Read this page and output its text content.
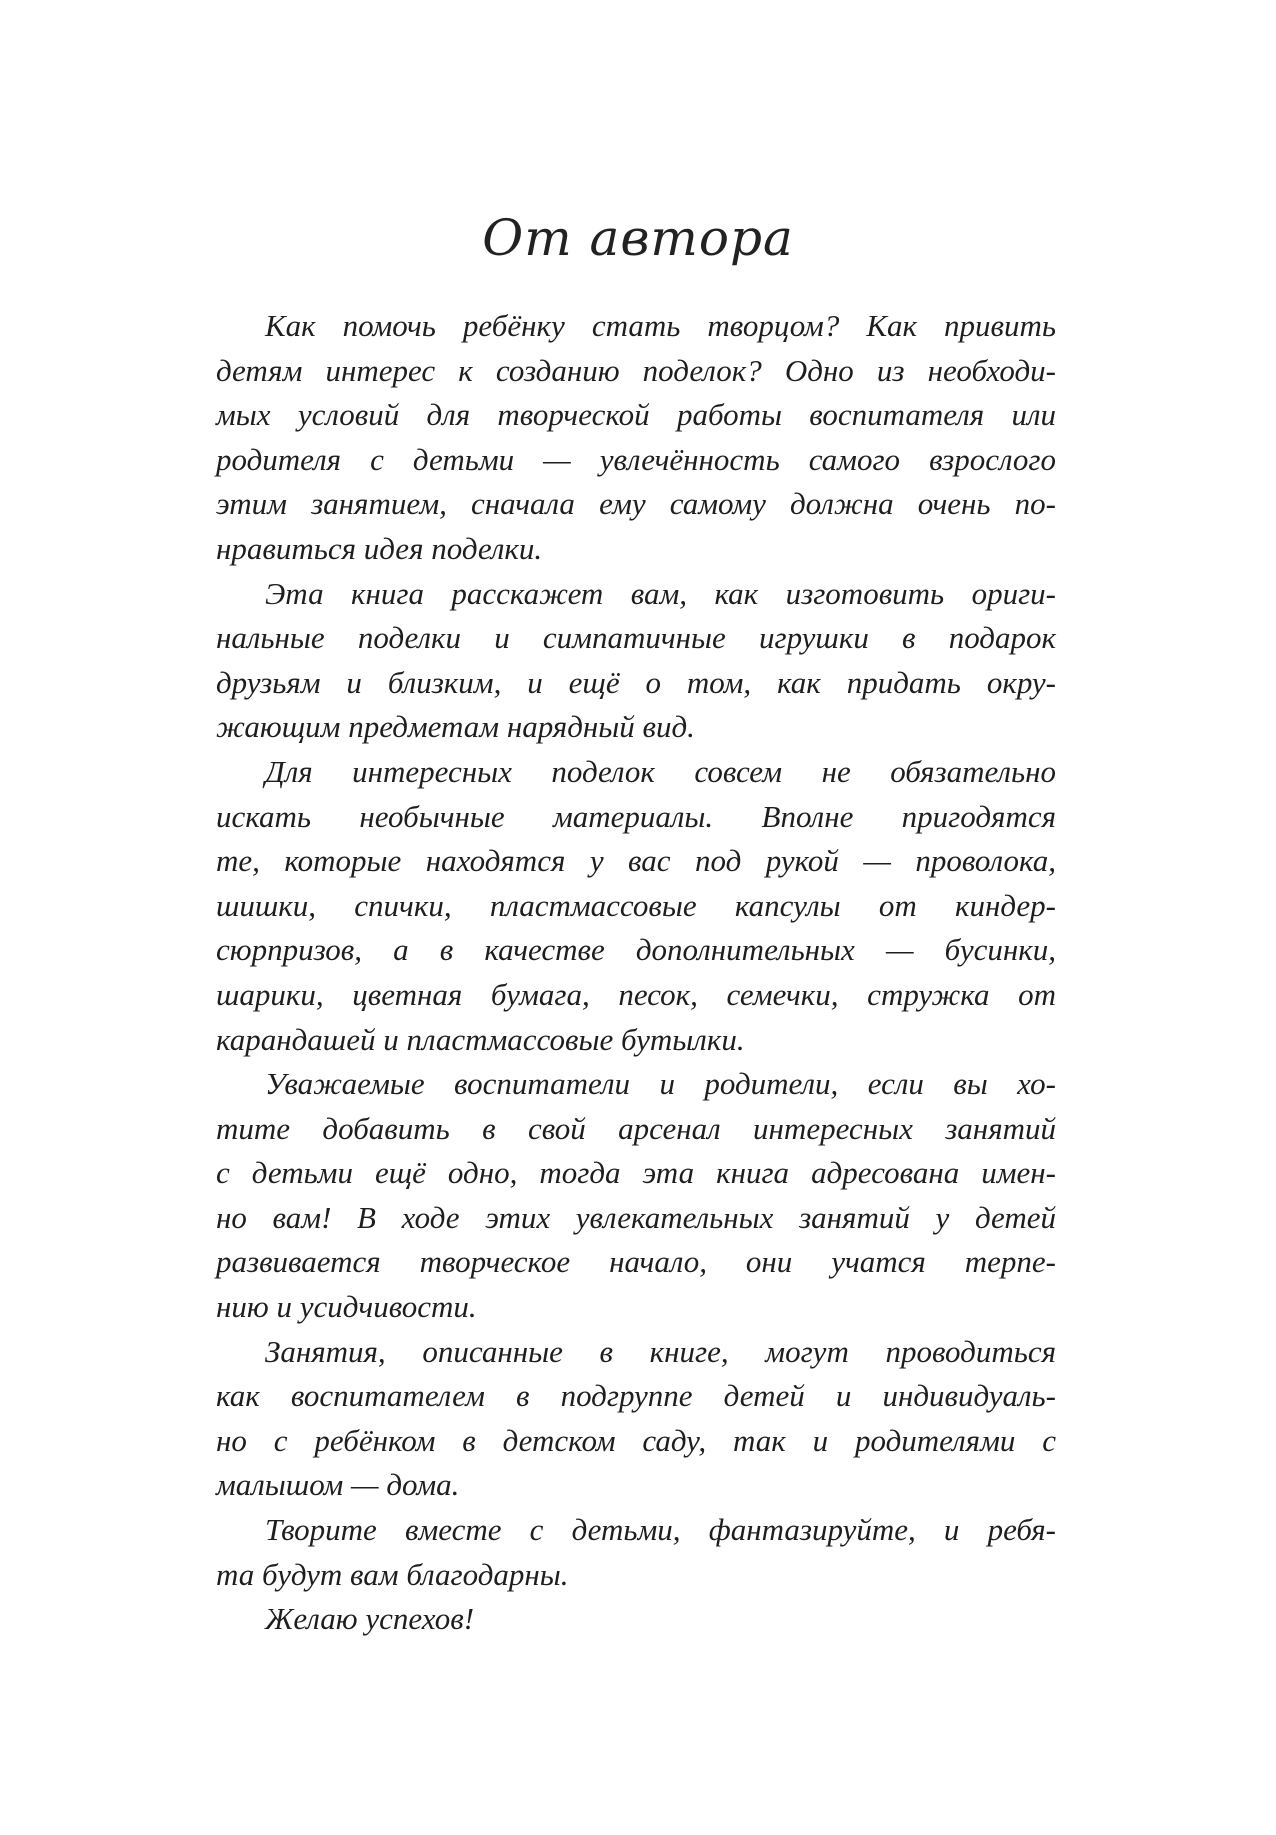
От автора
Как помочь ребёнку стать творцом? Как привить
детям интерес к созданию поделок? Одно из необходи-
мых условий для творческой работы воспитателя или
родителя с детьми — увлечённость самого взрослого
этим занятием, сначала ему самому должна очень по-
нравиться идея поделки.
Эта книга расскажет вам, как изготовить ориги-
нальные поделки и симпатичные игрушки в подарок
друзьям и близким, и ещё о том, как придать окру-
жающим предметам нарядный вид.
Для интересных поделок совсем не обязательно
искать необычные материалы. Вполне пригодятся
те, которые находятся у вас под рукой — проволока,
шишки, спички, пластмассовые капсулы от киндер-
сюрпризов, а в качестве дополнительных — бусинки,
шарики, цветная бумага, песок, семечки, стружка от
карандашей и пластмассовые бутылки.
Уважаемые воспитатели и родители, если вы хо-
тите добавить в свой арсенал интересных занятий
с детьми ещё одно, тогда эта книга адресована имен-
но вам! В ходе этих увлекательных занятий у детей
развивается творческое начало, они учатся терпе-
нию и усидчивости.
Занятия, описанные в книге, могут проводиться
как воспитателем в подгруппе детей и индивидуаль-
но с ребёнком в детском саду, так и родителями с
малышом — дома.
Творите вместе с детьми, фантазируйте, и ребя-
та будут вам благодарны.
Желаю успехов!
